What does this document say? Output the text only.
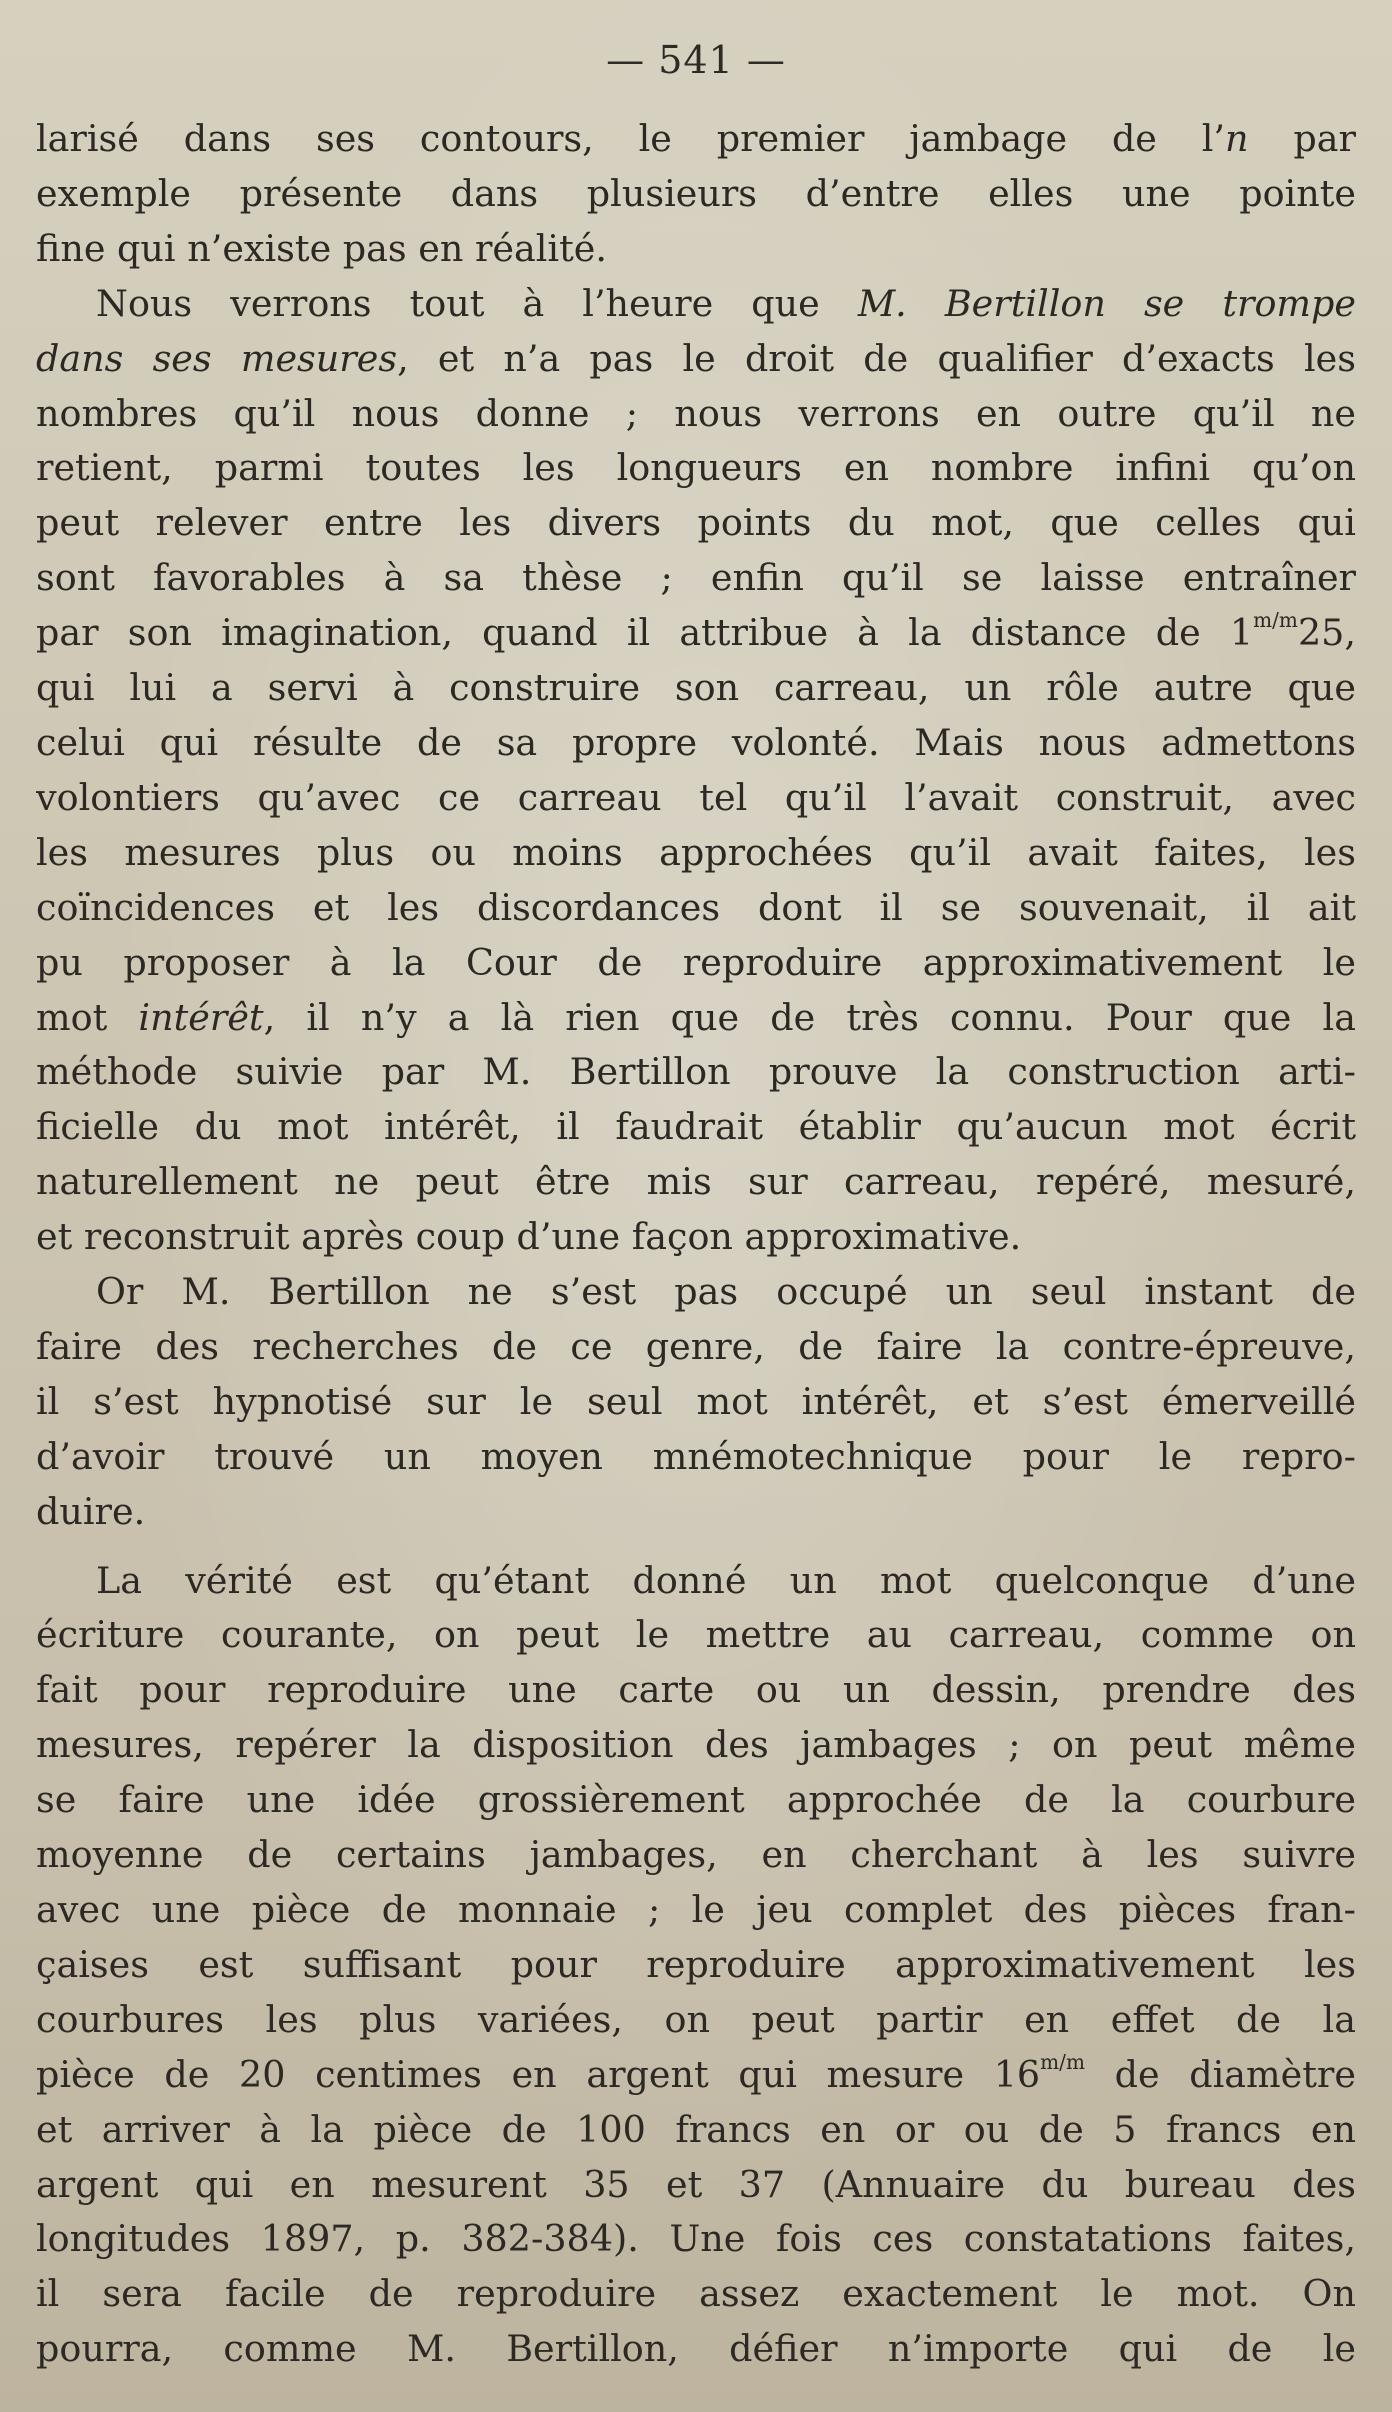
— 541 —
larisé dans ses contours, le premier jambage de l’n par
exemple présente dans plusieurs d’entre elles une pointe
fine qui n’existe pas en réalité.
Nous verrons tout à l’heure que M. Bertillon se trompe
dans ses mesures, et n’a pas le droit de qualifier d’exacts les
nombres qu’il nous donne ; nous verrons en outre qu’il ne
retient, parmi toutes les longueurs en nombre infini qu’on
peut relever entre les divers points du mot, que celles qui
sont favorables à sa thèse ; enfin qu’il se laisse entraîner
par son imagination, quand il attribue à la distance de $1^{m/m}25$,
qui lui a servi à construire son carreau, un rôle autre que
celui qui résulte de sa propre volonté. Mais nous admettons
volontiers qu’avec ce carreau tel qu’il l’avait construit, avec
les mesures plus ou moins approchées qu’il avait faites, les
coïncidences et les discordances dont il se souvenait, il ait
pu proposer à la Cour de reproduire approximativement le
mot intérêt, il n’y a là rien que de très connu. Pour que la
méthode suivie par M. Bertillon prouve la construction arti-
ficielle du mot intérêt, il faudrait établir qu’aucun mot écrit
naturellement ne peut être mis sur carreau, repéré, mesuré,
et reconstruit après coup d’une façon approximative.
Or M. Bertillon ne s’est pas occupé un seul instant de
faire des recherches de ce genre, de faire la contre-épreuve,
il s’est hypnotisé sur le seul mot intérêt, et s’est émerveillé
d’avoir trouvé un moyen mnémotechnique pour le repro-
duire.
La vérité est qu’étant donné un mot quelconque d’une
écriture courante, on peut le mettre au carreau, comme on
fait pour reproduire une carte ou un dessin, prendre des
mesures, repérer la disposition des jambages ; on peut même
se faire une idée grossièrement approchée de la courbure
moyenne de certains jambages, en cherchant à les suivre
avec une pièce de monnaie ; le jeu complet des pièces fran-
çaises est suffisant pour reproduire approximativement les
courbures les plus variées, on peut partir en effet de la
pièce de 20 centimes en argent qui mesure $16^{m/m}$ de diamètre
et arriver à la pièce de 100 francs en or ou de 5 francs en
argent qui en mesurent 35 et 37 (Annuaire du bureau des
longitudes 1897, p. 382-384). Une fois ces constatations faites,
il sera facile de reproduire assez exactement le mot. On
pourra, comme M. Bertillon, défier n’importe qui de le
